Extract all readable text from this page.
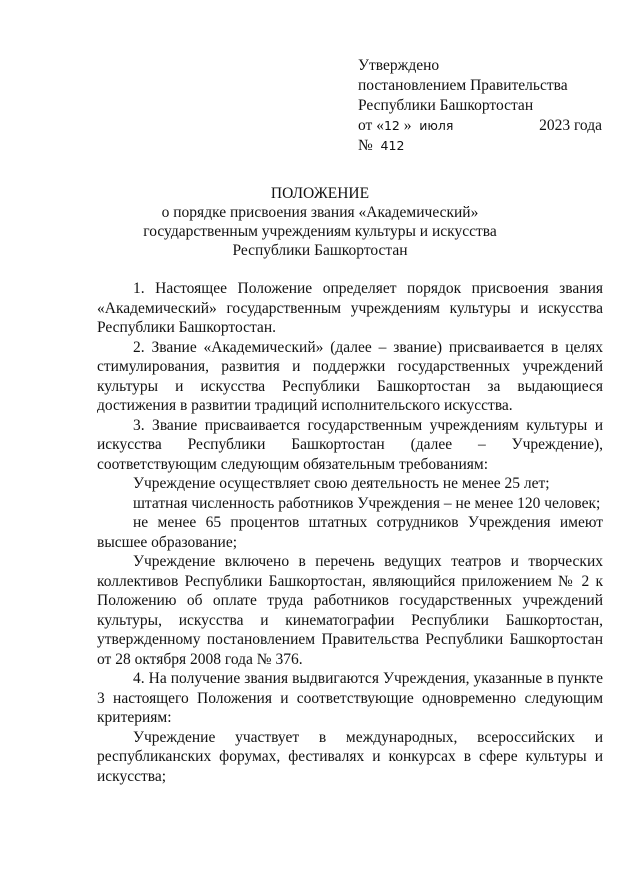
Утверждено
постановлением Правительства
Республики Башкортостан
от «12 » июля	2023 года
№ 412
ПОЛОЖЕНИЕ
о порядке присвоения звания «Академический»
государственным учреждениям культуры и искусства
Республики Башкортостан

1. Настоящее Положение определяет порядок присвоения звания «Академический» государственным учреждениям культуры и искусства Республики Башкортостан.

2. Звание «Академический» (далее – звание) присваивается в целях стимулирования, развития и поддержки государственных учреждений культуры и искусства Республики Башкортостан за выдающиеся достижения в развитии традиций исполнительского искусства.

3. Звание присваивается государственным учреждениям культуры и искусства Республики Башкортостан (далее – Учреждение), соответствующим следующим обязательным требованиям:

Учреждение осуществляет свою деятельность не менее 25 лет;

штатная численность работников Учреждения – не менее 120 человек;

не менее 65 процентов штатных сотрудников Учреждения имеют высшее образование;

Учреждение включено в перечень ведущих театров и творческих коллективов Республики Башкортостан, являющийся приложением № 2 к Положению об оплате труда работников государственных учреждений культуры, искусства и кинематографии Республики Башкортостан, утвержденному постановлением Правительства Республики Башкортостан от 28 октября 2008 года № 376.

4. На получение звания выдвигаются Учреждения, указанные в пункте 3 настоящего Положения и соответствующие одновременно следующим критериям:

Учреждение участвует в международных, всероссийских и республиканских форумах, фестивалях и конкурсах в сфере культуры и искусства;
